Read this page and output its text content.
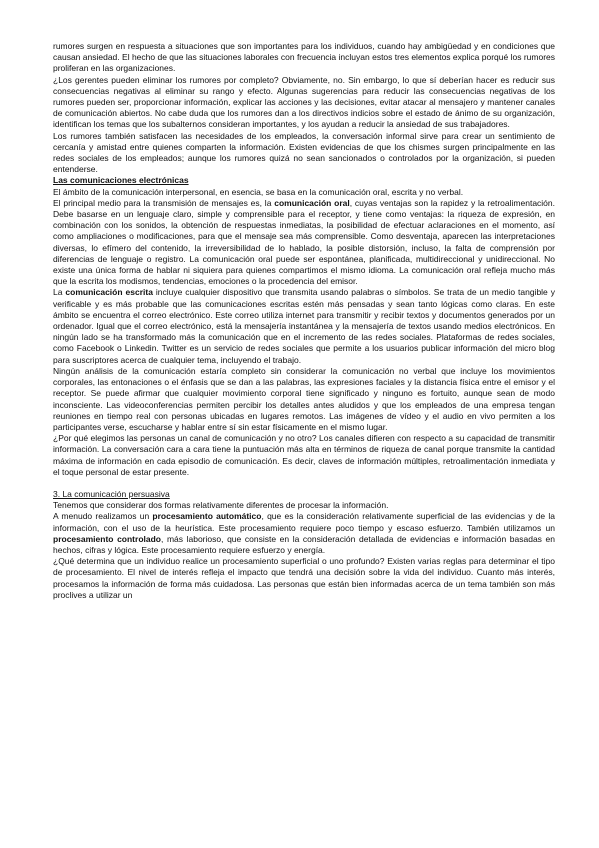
rumores surgen en respuesta a situaciones que son importantes para los individuos, cuando hay ambigüedad y en condiciones que causan ansiedad. El hecho de que las situaciones laborales con frecuencia incluyan estos tres elementos explica porqué los rumores proliferan en las organizaciones.

¿Los gerentes pueden eliminar los rumores por completo? Obviamente, no. Sin embargo, lo que sí deberían hacer es reducir sus consecuencias negativas al eliminar su rango y efecto. Algunas sugerencias para reducir las consecuencias negativas de los rumores pueden ser, proporcionar información, explicar las acciones y las decisiones, evitar atacar al mensajero y mantener canales de comunicación abiertos. No cabe duda que los rumores dan a los directivos indicios sobre el estado de ánimo de su organización, identifican los temas que los subalternos consideran importantes, y los ayudan a reducir la ansiedad de sus trabajadores.

Los rumores también satisfacen las necesidades de los empleados, la conversación informal sirve para crear un sentimiento de cercanía y amistad entre quienes comparten la información. Existen evidencias de que los chismes surgen principalmente en las redes sociales de los empleados; aunque los rumores quizá no sean sancionados o controlados por la organización, si pueden entenderse.

Las comunicaciones electrónicas

El ámbito de la comunicación interpersonal, en esencia, se basa en la comunicación oral, escrita y no verbal.

El principal medio para la transmisión de mensajes es, la comunicación oral, cuyas ventajas son la rapidez y la retroalimentación. Debe basarse en un lenguaje claro, simple y comprensible para el receptor, y tiene como ventajas: la riqueza de expresión, en combinación con los sonidos, la obtención de respuestas inmediatas, la posibilidad de efectuar aclaraciones en el momento, así como ampliaciones o modificaciones, para que el mensaje sea más comprensible. Como desventaja, aparecen las interpretaciones diversas, lo efímero del contenido, la irreversibilidad de lo hablado, la posible distorsión, incluso, la falta de comprensión por diferencias de lenguaje o registro. La comunicación oral puede ser espontánea, planificada, multidireccional y unidireccional. No existe una única forma de hablar ni siquiera para quienes compartimos el mismo idioma. La comunicación oral refleja mucho más que la escrita los modismos, tendencias, emociones o la procedencia del emisor.

La comunicación escrita incluye cualquier dispositivo que transmita usando palabras o símbolos. Se trata de un medio tangible y verificable y es más probable que las comunicaciones escritas estén más pensadas y sean tanto lógicas como claras. En este ámbito se encuentra el correo electrónico. Este correo utiliza internet para transmitir y recibir textos y documentos generados por un ordenador. Igual que el correo electrónico, está la mensajería instantánea y la mensajería de textos usando medios electrónicos. En ningún lado se ha transformado más la comunicación que en el incremento de las redes sociales. Plataformas de redes sociales, como Facebook o Linkedin. Twitter es un servicio de redes sociales que permite a los usuarios publicar información del micro blog para suscriptores acerca de cualquier tema, incluyendo el trabajo.

Ningún análisis de la comunicación estaría completo sin considerar la comunicación no verbal que incluye los movimientos corporales, las entonaciones o el énfasis que se dan a las palabras, las expresiones faciales y la distancia física entre el emisor y el receptor. Se puede afirmar que cualquier movimiento corporal tiene significado y ninguno es fortuito, aunque sean de modo inconsciente. Las videoconferencias permiten percibir los detalles antes aludidos y que los empleados de una empresa tengan reuniones en tiempo real con personas ubicadas en lugares remotos. Las imágenes de vídeo y el audio en vivo permiten a los participantes verse, escucharse y hablar entre sí sin estar físicamente en el mismo lugar.

¿Por qué elegimos las personas un canal de comunicación y no otro? Los canales difieren con respecto a su capacidad de transmitir información. La conversación cara a cara tiene la puntuación más alta en términos de riqueza de canal porque transmite la cantidad máxima de información en cada episodio de comunicación. Es decir, claves de información múltiples, retroalimentación inmediata y el toque personal de estar presente.

3. La comunicación persuasiva

Tenemos que considerar dos formas relativamente diferentes de procesar la información.

A menudo realizamos un procesamiento automático, que es la consideración relativamente superficial de las evidencias y de la información, con el uso de la heurística. Este procesamiento requiere poco tiempo y escaso esfuerzo. También utilizamos un procesamiento controlado, más laborioso, que consiste en la consideración detallada de evidencias e información basadas en hechos, cifras y lógica. Este procesamiento requiere esfuerzo y energía.

¿Qué determina que un individuo realice un procesamiento superficial o uno profundo? Existen varias reglas para determinar el tipo de procesamiento. El nivel de interés refleja el impacto que tendrá una decisión sobre la vida del individuo. Cuanto más interés, procesamos la información de forma más cuidadosa. Las personas que están bien informadas acerca de un tema también son más proclives a utilizar un
